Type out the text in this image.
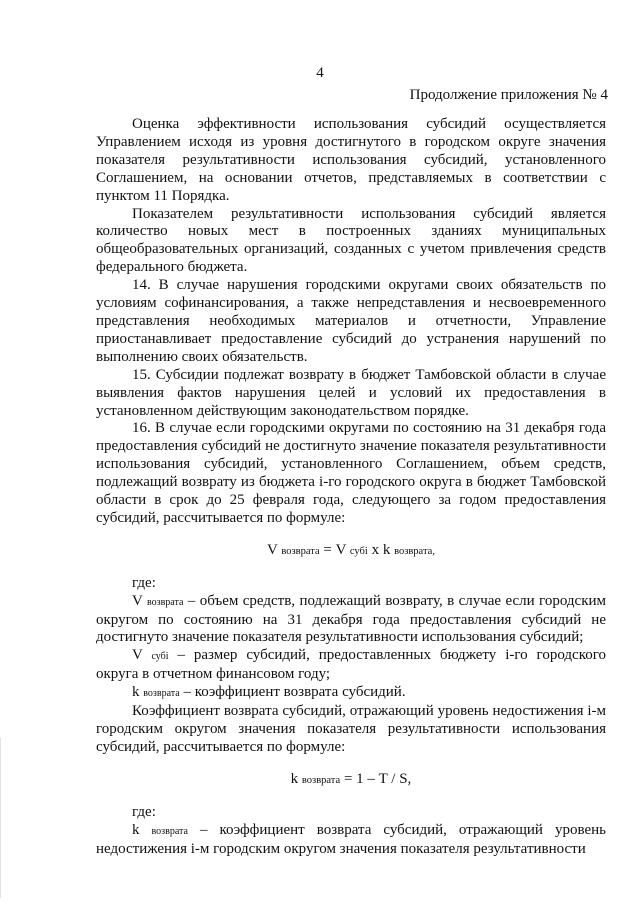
4
Продолжение приложения № 4

Оценка эффективности использования субсидий осуществляется Управлением исходя из уровня достигнутого в городском округе значения показателя результативности использования субсидий, установленного Соглашением, на основании отчетов, представляемых в соответствии с пунктом 11 Порядка.

Показателем результативности использования субсидий является количество новых мест в построенных зданиях муниципальных общеобразовательных организаций, созданных с учетом привлечения средств федерального бюджета.

14. В случае нарушения городскими округами своих обязательств по условиям софинансирования, а также непредставления и несвоевременного представления необходимых материалов и отчетности, Управление приостанавливает предоставление субсидий до устранения нарушений по выполнению своих обязательств.

15. Субсидии подлежат возврату в бюджет Тамбовской области в случае выявления фактов нарушения целей и условий их предоставления в установленном действующим законодательством порядке.

16. В случае если городскими округами по состоянию на 31 декабря года предоставления субсидий не достигнуто значение показателя результативности использования субсидий, установленного Соглашением, объем средств, подлежащий возврату из бюджета i-го городского округа в бюджет Тамбовской области в срок до 25 февраля года, следующего за годом предоставления субсидий, рассчитывается по формуле:

V возврата = V субi х k возврата,

где:

V возврата – объем средств, подлежащий возврату, в случае если городским округом по состоянию на 31 декабря года предоставления субсидий не достигнуто значение показателя результативности использования субсидий;

V субi – размер субсидий, предоставленных бюджету i-го городского округа в отчетном финансовом году;

k возврата – коэффициент возврата субсидий.

Коэффициент возврата субсидий, отражающий уровень недостижения i-м городским округом значения показателя результативности использования субсидий, рассчитывается по формуле:

k возврата = 1 – T / S,

где:

k возврата – коэффициент возврата субсидий, отражающий уровень недостижения i-м городским округом значения показателя результативности
